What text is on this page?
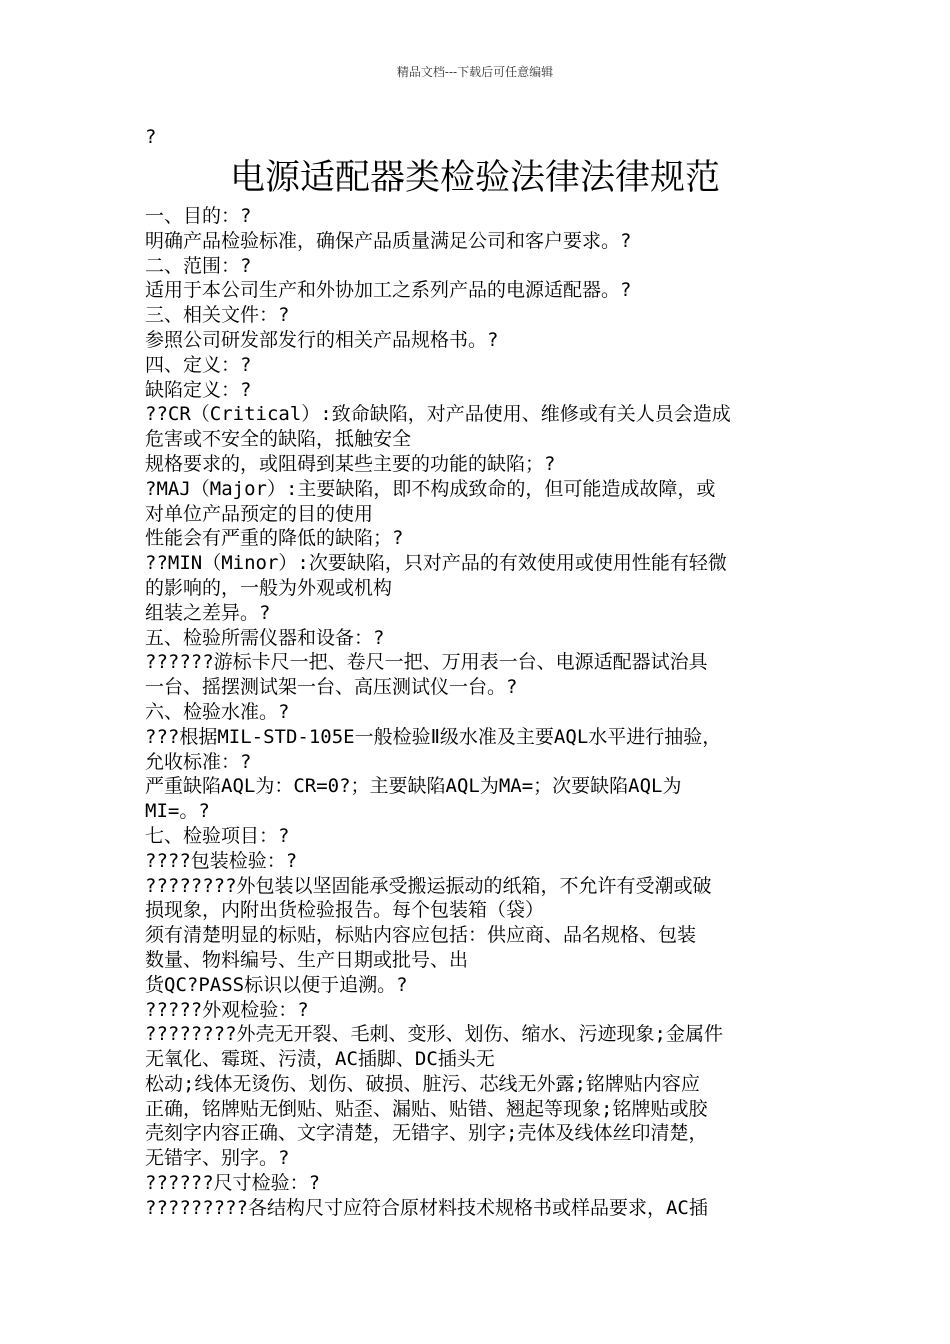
精品文档---下载后可任意编辑

?

电源适配器类检验法律法律规范

一、目的：?

明确产品检验标准，确保产品质量满足公司和客户要求。?

二、范围：?

适用于本公司生产和外协加工之系列产品的电源适配器。?

三、相关文件：?

参照公司研发部发行的相关产品规格书。?

四、定义：?

缺陷定义：?

??CR（Critical）:致命缺陷，对产品使用、维修或有关人员会造成

危害或不安全的缺陷，抵触安全

规格要求的，或阻碍到某些主要的功能的缺陷；?

?MAJ（Major）:主要缺陷，即不构成致命的，但可能造成故障，或

对单位产品预定的目的使用

性能会有严重的降低的缺陷；?

??MIN（Minor）:次要缺陷，只对产品的有效使用或使用性能有轻微

的影响的，一般为外观或机构

组装之差异。?

五、检验所需仪器和设备：?

??????游标卡尺一把、卷尺一把、万用表一台、电源适配器试治具

一台、摇摆测试架一台、高压测试仪一台。?

六、检验水准。?

???根据MIL-STD-105E一般检验Ⅱ级水准及主要AQL水平进行抽验，

允收标准：?

严重缺陷AQL为：CR=0?；主要缺陷AQL为MA=；次要缺陷AQL为

MI=。?

七、检验项目：?

????包装检验：?

????????外包装以坚固能承受搬运振动的纸箱，不允许有受潮或破

损现象，内附出货检验报告。每个包装箱（袋）

须有清楚明显的标贴，标贴内容应包括：供应商、品名规格、包装

数量、物料编号、生产日期或批号、出

货QC?PASS标识以便于追溯。?

?????外观检验：?

????????外壳无开裂、毛刺、变形、划伤、缩水、污迹现象;金属件

无氧化、霉斑、污渍，AC插脚、DC插头无

松动;线体无烫伤、划伤、破损、脏污、芯线无外露;铭牌贴内容应

正确，铭牌贴无倒贴、贴歪、漏贴、贴错、翘起等现象;铭牌贴或胶

壳刻字内容正确、文字清楚，无错字、别字;壳体及线体丝印清楚，

无错字、别字。?

??????尺寸检验：?

?????????各结构尺寸应符合原材料技术规格书或样品要求，AC插
